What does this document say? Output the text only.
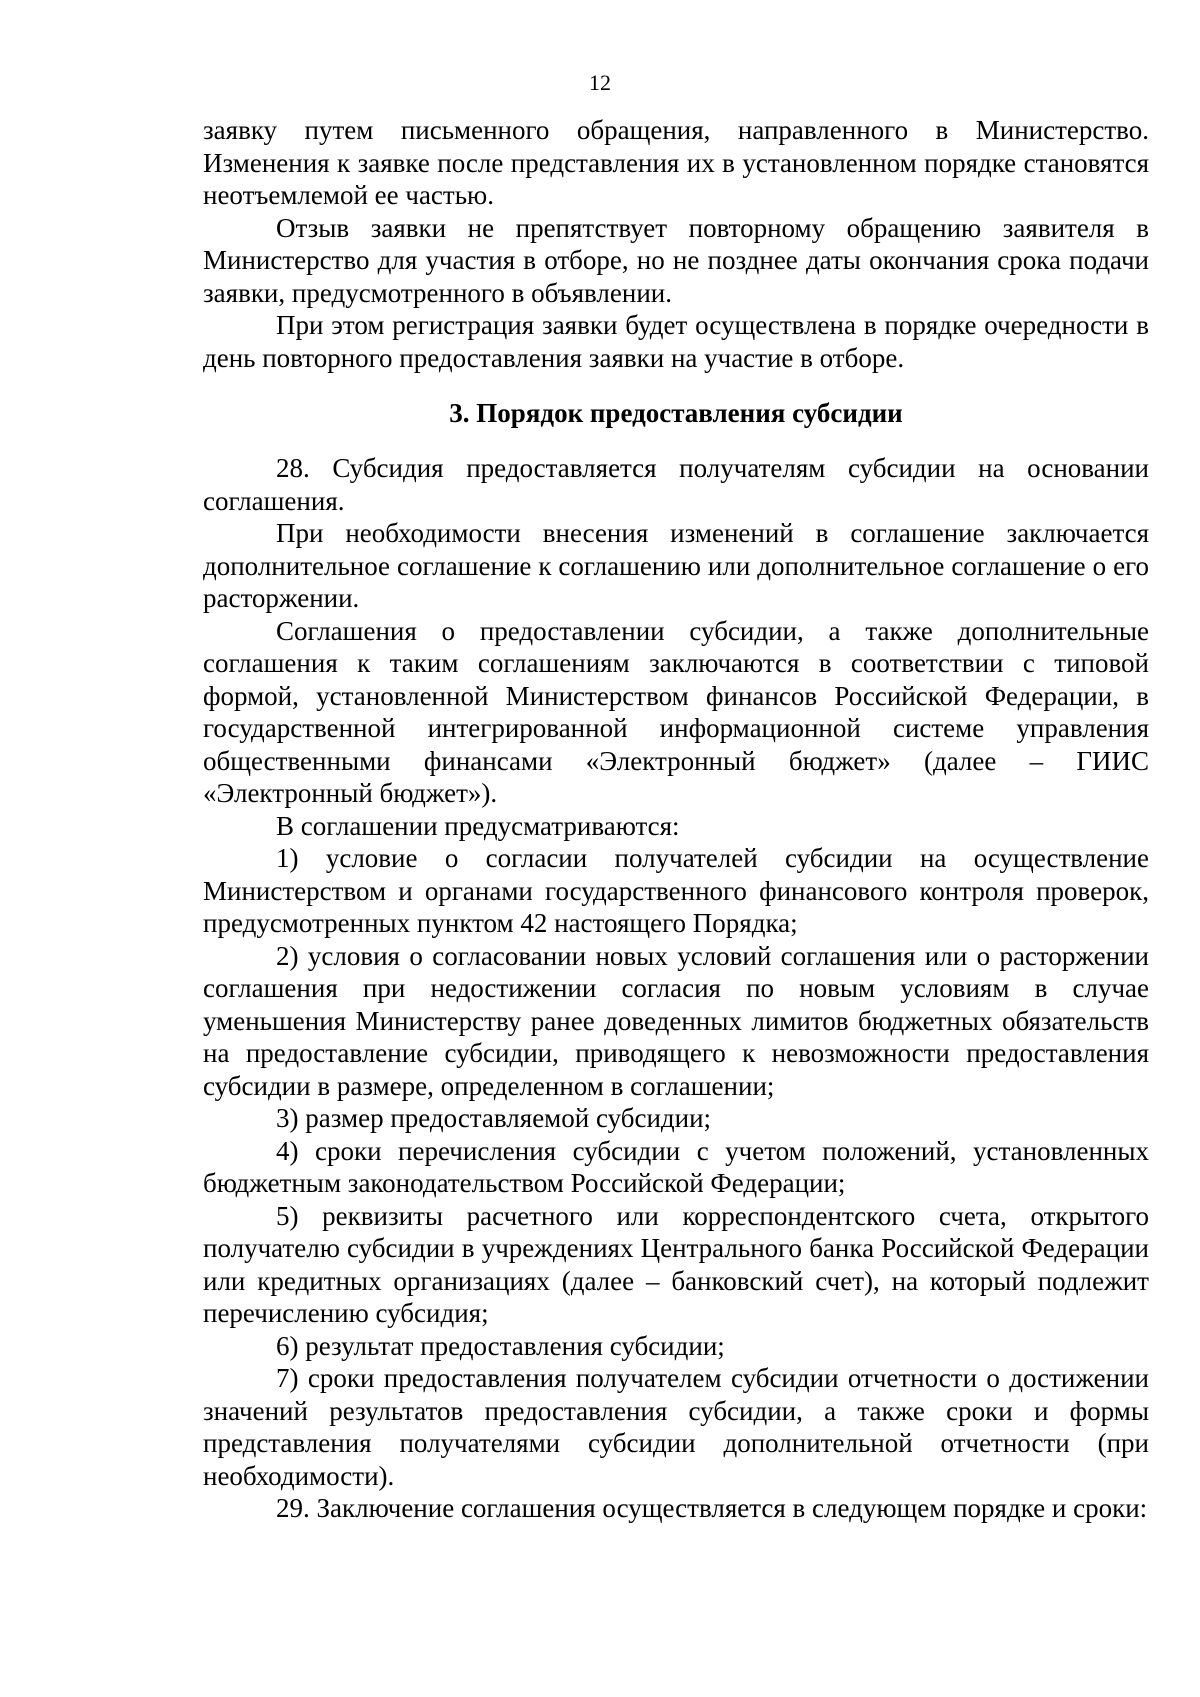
12

заявку путем письменного обращения, направленного в Министерство. Изменения к заявке после представления их в установленном порядке становятся неотъемлемой ее частью.

Отзыв заявки не препятствует повторному обращению заявителя в Министерство для участия в отборе, но не позднее даты окончания срока подачи заявки, предусмотренного в объявлении.

При этом регистрация заявки будет осуществлена в порядке очередности в день повторного предоставления заявки на участие в отборе.

3. Порядок предоставления субсидии

28. Субсидия предоставляется получателям субсидии на основании соглашения.

При необходимости внесения изменений в соглашение заключается дополнительное соглашение к соглашению или дополнительное соглашение о его расторжении.

Соглашения о предоставлении субсидии, а также дополнительные соглашения к таким соглашениям заключаются в соответствии с типовой формой, установленной Министерством финансов Российской Федерации, в государственной интегрированной информационной системе управления общественными финансами «Электронный бюджет» (далее – ГИИС «Электронный бюджет»).

В соглашении предусматриваются:

1) условие о согласии получателей субсидии на осуществление Министерством и органами государственного финансового контроля проверок, предусмотренных пунктом 42 настоящего Порядка;

2) условия о согласовании новых условий соглашения или о расторжении соглашения при недостижении согласия по новым условиям в случае уменьшения Министерству ранее доведенных лимитов бюджетных обязательств на предоставление субсидии, приводящего к невозможности предоставления субсидии в размере, определенном в соглашении;

3) размер предоставляемой субсидии;

4) сроки перечисления субсидии с учетом положений, установленных бюджетным законодательством Российской Федерации;

5) реквизиты расчетного или корреспондентского счета, открытого получателю субсидии в учреждениях Центрального банка Российской Федерации или кредитных организациях (далее – банковский счет), на который подлежит перечислению субсидия;

6) результат предоставления субсидии;

7) сроки предоставления получателем субсидии отчетности о достижении значений результатов предоставления субсидии, а также сроки и формы представления получателями субсидии дополнительной отчетности (при необходимости).

29. Заключение соглашения осуществляется в следующем порядке и сроки:
